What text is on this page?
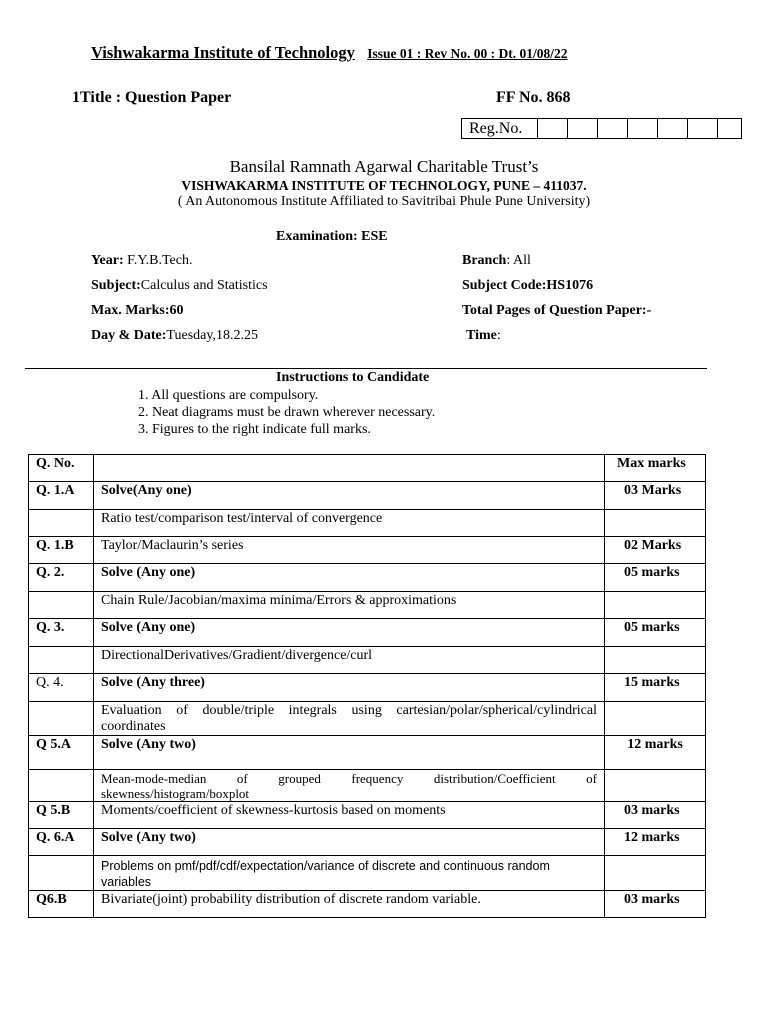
Vishwakarma Institute of Technology Issue 01 : Rev No. 00 : Dt. 01/08/22
1Title : Question Paper	FF No. 868
Reg.No.
Bansilal Ramnath Agarwal Charitable Trust’s
VISHWAKARMA INSTITUTE OF TECHNOLOGY, PUNE – 411037.
( An Autonomous Institute Affiliated to Savitribai Phule Pune University)
Examination: ESE
Year: F.Y.B.Tech.	Branch: All
Subject:Calculus and Statistics	Subject Code:HS1076
Max. Marks:60	Total Pages of Question Paper:-
Day & Date:Tuesday,18.2.25	Time:
Instructions to Candidate
1. All questions are compulsory.
2. Neat diagrams must be drawn wherever necessary.
3. Figures to the right indicate full marks.
Q. No.		Max marks
Q. 1.A	Solve(Any one)	03 Marks
	Ratio test/comparison test/interval of convergence	
Q. 1.B	Taylor/Maclaurin’s series	02 Marks
Q. 2.	Solve (Any one)	05 marks
	Chain Rule/Jacobian/maxima minima/Errors & approximations	
Q. 3.	Solve (Any one)	05 marks
	DirectionalDerivatives/Gradient/divergence/curl	
Q. 4.	Solve (Any three)	15 marks

	Evaluation of double/triple integrals using cartesian/polar/spherical/cylindrical coordinates	

Q 5.A	Solve (Any two)	12 marks
	Mean-mode-median of grouped frequency distribution/Coefficient of skewness/histogram/boxplot	
Q 5.B	Moments/coefficient of skewness-kurtosis based on moments	03 marks
Q. 6.A	Solve (Any two)	12 marks
	Problems on pmf/pdf/cdf/expectation/variance of discrete and continuous random variables	
Q6.B	Bivariate(joint) probability distribution of discrete random variable.	03 marks
